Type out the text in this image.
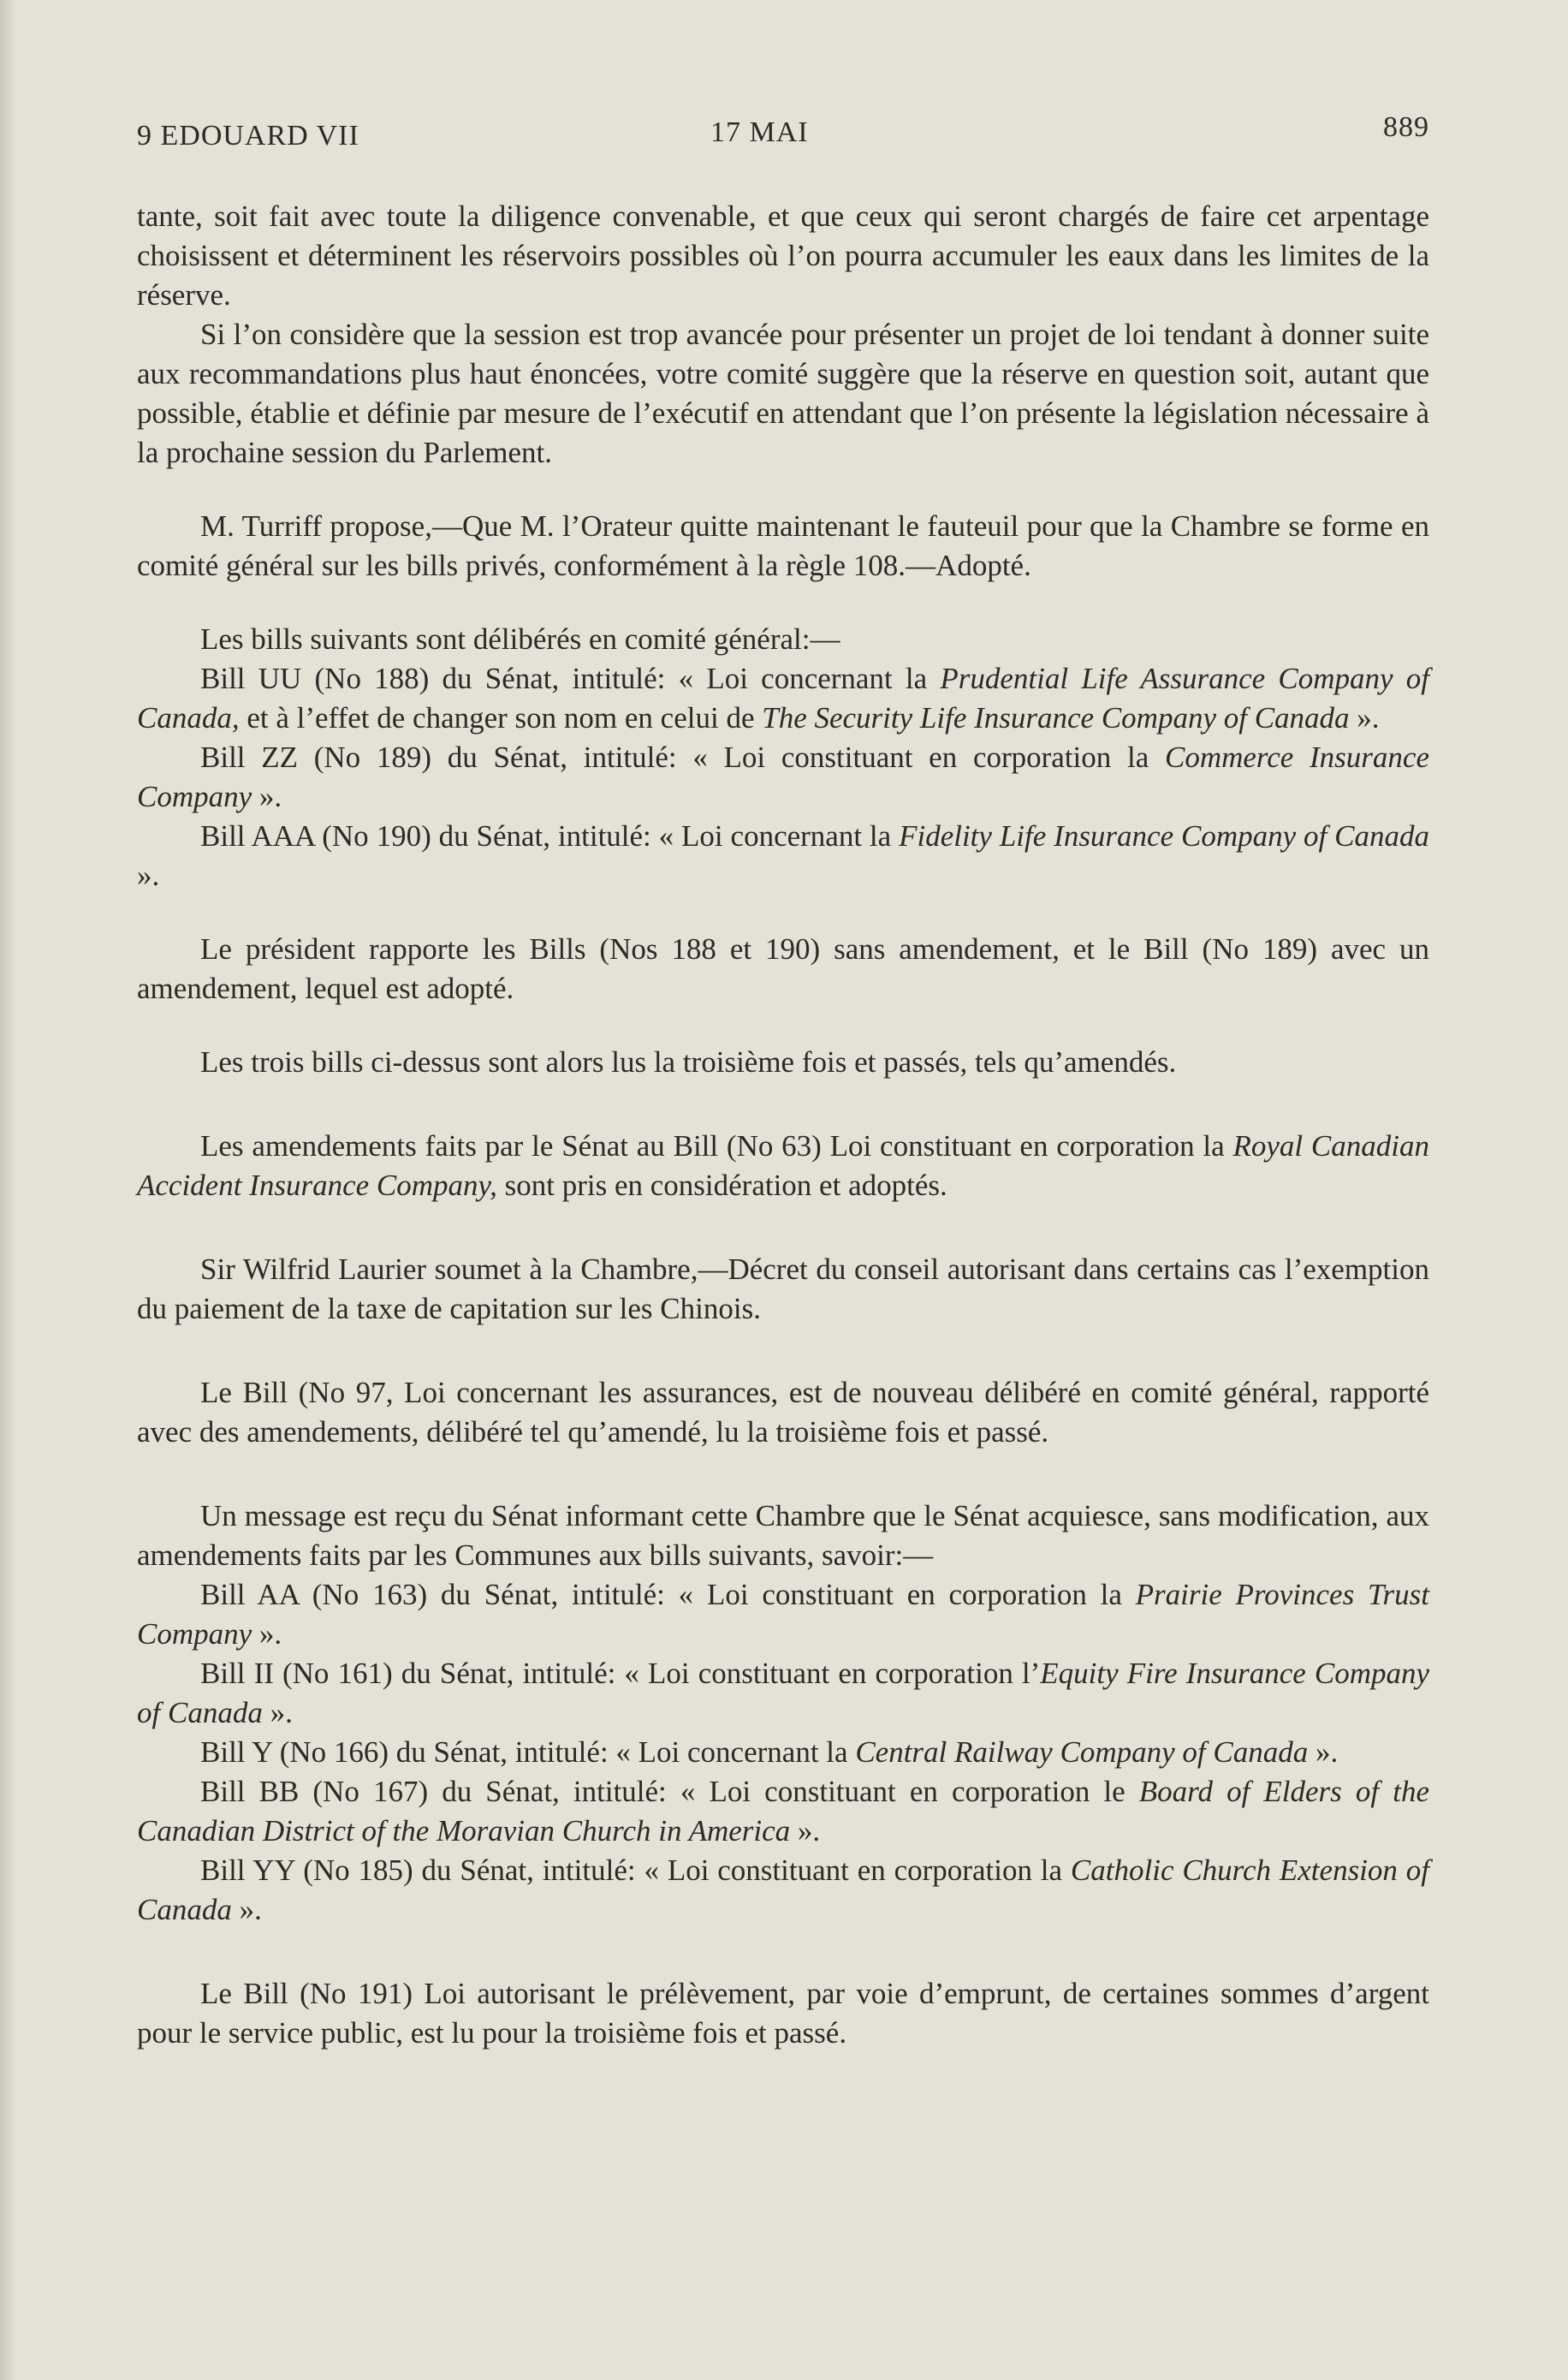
9 EDOUARD VII	17 MAI	889

tante, soit fait avec toute la diligence convenable, et que ceux qui seront chargés de faire cet arpentage choisissent et déterminent les réservoirs possibles où l’on pourra accumuler les eaux dans les limites de la réserve.

Si l’on considère que la session est trop avancée pour présenter un projet de loi tendant à donner suite aux recommandations plus haut énoncées, votre comité suggère que la réserve en question soit, autant que possible, établie et définie par mesure de l’exécutif en attendant que l’on présente la législation nécessaire à la prochaine session du Parlement.

M. Turriff propose,—Que M. l’Orateur quitte maintenant le fauteuil pour que la Chambre se forme en comité général sur les bills privés, conformément à la règle 108.—Adopté.

Les bills suivants sont délibérés en comité général:—

Bill UU (No 188) du Sénat, intitulé: « Loi concernant la Prudential Life Assurance Company of Canada, et à l’effet de changer son nom en celui de The Security Life Insurance Company of Canada ».

Bill ZZ (No 189) du Sénat, intitulé: « Loi constituant en corporation la Commerce Insurance Company ».

Bill AAA (No 190) du Sénat, intitulé: « Loi concernant la Fidelity Life Insurance Company of Canada ».

Le président rapporte les Bills (Nos 188 et 190) sans amendement, et le Bill (No 189) avec un amendement, lequel est adopté.

Les trois bills ci-dessus sont alors lus la troisième fois et passés, tels qu’amendés.

Les amendements faits par le Sénat au Bill (No 63) Loi constituant en corporation la Royal Canadian Accident Insurance Company, sont pris en considération et adoptés.

Sir Wilfrid Laurier soumet à la Chambre,—Décret du conseil autorisant dans certains cas l’exemption du paiement de la taxe de capitation sur les Chinois.

Le Bill (No 97, Loi concernant les assurances, est de nouveau délibéré en comité général, rapporté avec des amendements, délibéré tel qu’amendé, lu la troisième fois et passé.

Un message est reçu du Sénat informant cette Chambre que le Sénat acquiesce, sans modification, aux amendements faits par les Communes aux bills suivants, savoir:—

Bill AA (No 163) du Sénat, intitulé: « Loi constituant en corporation la Prairie Provinces Trust Company ».

Bill II (No 161) du Sénat, intitulé: « Loi constituant en corporation l’Equity Fire Insurance Company of Canada ».

Bill Y (No 166) du Sénat, intitulé: « Loi concernant la Central Railway Company of Canada ».

Bill BB (No 167) du Sénat, intitulé: « Loi constituant en corporation le Board of Elders of the Canadian District of the Moravian Church in America ».

Bill YY (No 185) du Sénat, intitulé: « Loi constituant en corporation la Catholic Church Extension of Canada ».

Le Bill (No 191) Loi autorisant le prélèvement, par voie d’emprunt, de certaines sommes d’argent pour le service public, est lu pour la troisième fois et passé.
